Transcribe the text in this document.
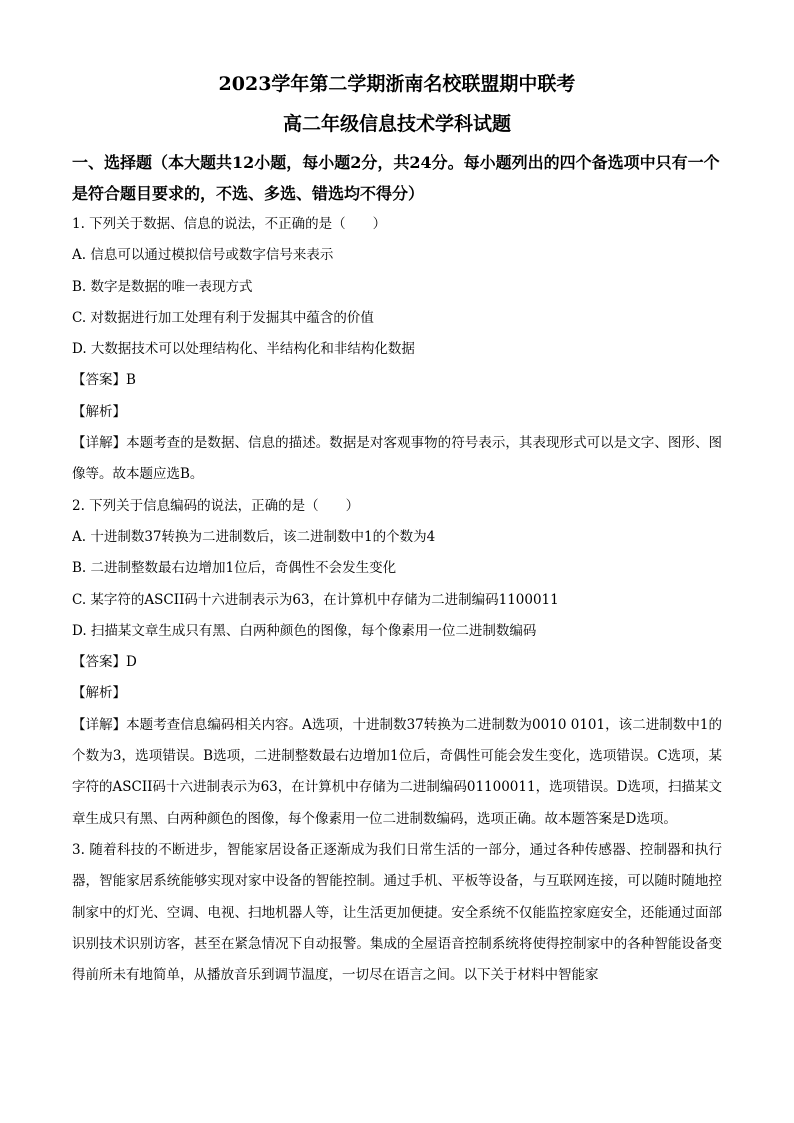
2023学年第二学期浙南名校联盟期中联考
高二年级信息技术学科试题

一、选择题（本大题共12小题，每小题2分，共24分。每小题列出的四个备选项中只有一个是符合题目要求的，不选、多选、错选均不得分）

1. 下列关于数据、信息的说法，不正确的是（　　）

A. 信息可以通过模拟信号或数字信号来表示

B. 数字是数据的唯一表现方式

C. 对数据进行加工处理有利于发掘其中蕴含的价值

D. 大数据技术可以处理结构化、半结构化和非结构化数据

【答案】B

【解析】

【详解】本题考查的是数据、信息的描述。数据是对客观事物的符号表示，其表现形式可以是文字、图形、图像等。故本题应选B。

2. 下列关于信息编码的说法，正确的是（　　）

A. 十进制数37转换为二进制数后，该二进制数中1的个数为4

B. 二进制整数最右边增加1位后，奇偶性不会发生变化

C. 某字符的ASCII码十六进制表示为63，在计算机中存储为二进制编码1100011

D. 扫描某文章生成只有黑、白两种颜色的图像，每个像素用一位二进制数编码

【答案】D

【解析】

【详解】本题考查信息编码相关内容。A选项，十进制数37转换为二进制数为0010 0101，该二进制数中1的个数为3，选项错误。B选项，二进制整数最右边增加1位后，奇偶性可能会发生变化，选项错误。C选项，某字符的ASCII码十六进制表示为63，在计算机中存储为二进制编码01100011，选项错误。D选项，扫描某文章生成只有黑、白两种颜色的图像，每个像素用一位二进制数编码，选项正确。故本题答案是D选项。

3. 随着科技的不断进步，智能家居设备正逐渐成为我们日常生活的一部分，通过各种传感器、控制器和执行器，智能家居系统能够实现对家中设备的智能控制。通过手机、平板等设备，与互联网连接，可以随时随地控制家中的灯光、空调、电视、扫地机器人等，让生活更加便捷。安全系统不仅能监控家庭安全，还能通过面部识别技术识别访客，甚至在紧急情况下自动报警。集成的全屋语音控制系统将使得控制家中的各种智能设备变得前所未有地简单，从播放音乐到调节温度，一切尽在语言之间。以下关于材料中智能家
